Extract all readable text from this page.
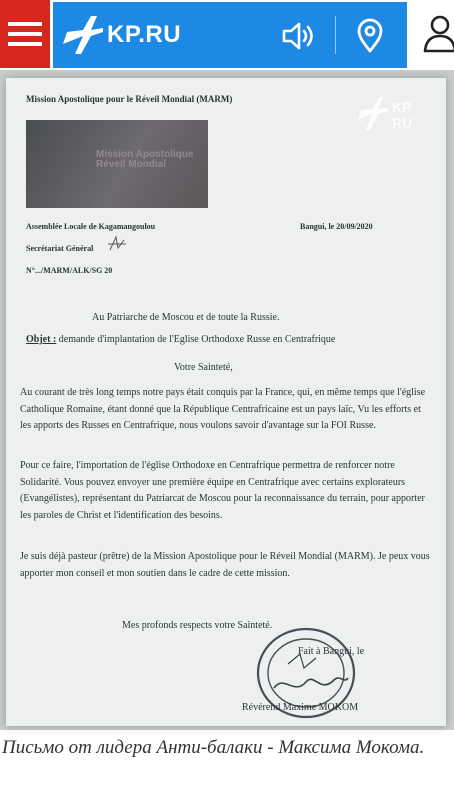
KP.RU
Mission Apostolique pour le Réveil Mondial (MARM)	KP
RU
Mission Apostolique Réveil Mondial
Assemblée Locale de Kagamangoulou	Bangui, le 20/09/2020
Secrétariat Général
N°.../MARM/ALK/SG 20
Au Patriarche de Moscou et de toute la Russie.
Objet : demande d'implantation de l'Eglise Orthodoxe Russe en Centrafrique
Votre Sainteté,
Au courant de très long temps notre pays était conquis par la France, qui, en même temps que l'église Catholique Romaine, étant donné que la République Centrafricaine est un pays laïc, Vu les efforts et les apports des Russes en Centrafrique, nous voulons savoir d'avantage sur la FOI Russe.
Pour ce faire, l'importation de l'église Orthodoxe en Centrafrique permettra de renforcer notre Solidarité. Vous pouvez envoyer une première équipe en Centrafrique avec certains explorateurs (Evangélistes), représentant du Patriarcat de Moscou pour la reconnaissance du terrain, pour apporter les paroles de Christ et l'identification des besoins.
Je suis déjà pasteur (prêtre) de la Mission Apostolique pour le Réveil Mondial (MARM). Je peux vous apporter mon conseil et mon soutien dans le cadre de cette mission.
Mes profonds respects votre Sainteté.
Fait à Bangui, le
Révérend Maxime MOKOM
Письмо от лидера Анти-балаки - Максима Мокома.
